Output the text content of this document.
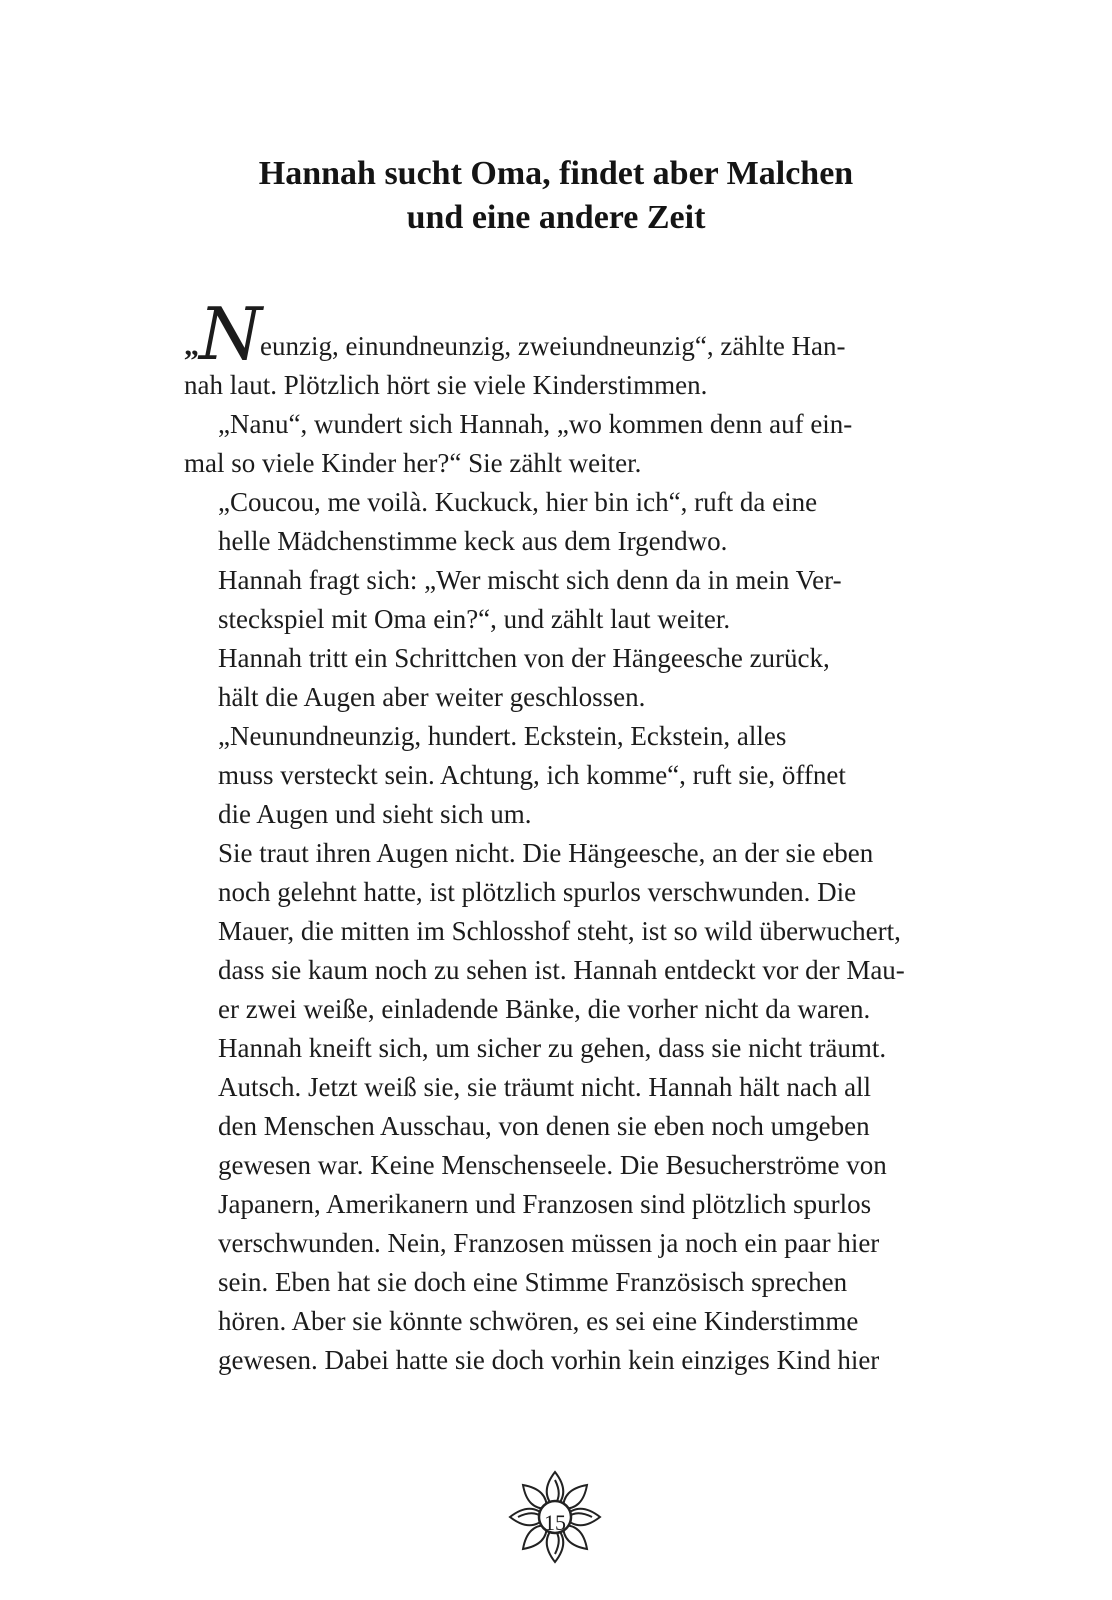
Hannah sucht Oma, findet aber Malchen
und eine andere Zeit

„Neunzig, einundneunzig, zweiundneunzig“, zählte Han-
nah laut. Plötzlich hört sie viele Kinderstimmen.

„Nanu“, wundert sich Hannah, „wo kommen denn auf ein-
mal so viele Kinder her?“ Sie zählt weiter.

„Coucou, me voilà. Kuckuck, hier bin ich“, ruft da eine
helle Mädchenstimme keck aus dem Irgendwo.

Hannah fragt sich: „Wer mischt sich denn da in mein Ver-
steckspiel mit Oma ein?“, und zählt laut weiter.

Hannah tritt ein Schrittchen von der Hängeesche zurück,
hält die Augen aber weiter geschlossen.

„Neunundneunzig, hundert. Eckstein, Eckstein, alles
muss versteckt sein. Achtung, ich komme“, ruft sie, öffnet
die Augen und sieht sich um.

Sie traut ihren Augen nicht. Die Hängeesche, an der sie eben
noch gelehnt hatte, ist plötzlich spurlos verschwunden. Die
Mauer, die mitten im Schlosshof steht, ist so wild überwuchert,
dass sie kaum noch zu sehen ist. Hannah entdeckt vor der Mau-
er zwei weiße, einladende Bänke, die vorher nicht da waren.
Hannah kneift sich, um sicher zu gehen, dass sie nicht träumt.
Autsch. Jetzt weiß sie, sie träumt nicht. Hannah hält nach all
den Menschen Ausschau, von denen sie eben noch umgeben
gewesen war. Keine Menschenseele. Die Besucherströme von
Japanern, Amerikanern und Franzosen sind plötzlich spurlos
verschwunden. Nein, Franzosen müssen ja noch ein paar hier
sein. Eben hat sie doch eine Stimme Französisch sprechen
hören. Aber sie könnte schwören, es sei eine Kinderstimme
gewesen. Dabei hatte sie doch vorhin kein einziges Kind hier

15
